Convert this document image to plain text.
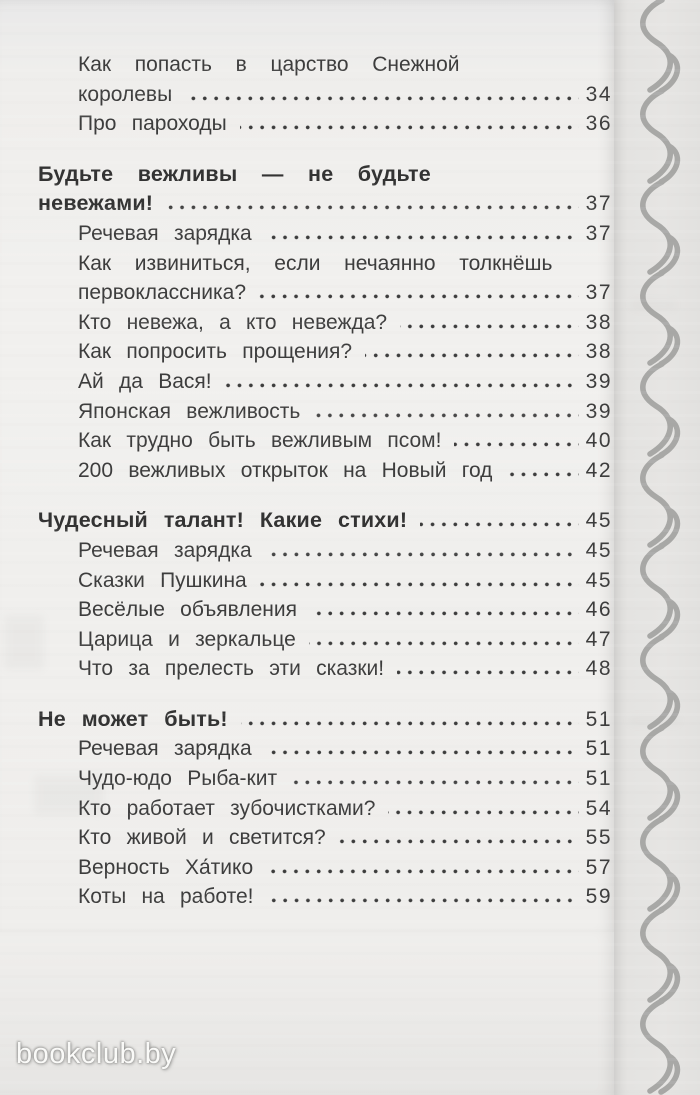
Как попасть в царство Снежной
королевы	34
Про пароходы	36
Будьте вежливы — не будьте
невежами!	37
Речевая зарядка	37
Как извиниться, если нечаянно толкнёшь
первоклассника?	37
Кто невежа, а кто невежда?	38
Как попросить прощения?	38
Ай да Вася!	39
Японская вежливость	39
Как трудно быть вежливым псом!	40
200 вежливых открыток на Новый год	42
Чудесный талант! Какие стихи!	45
Речевая зарядка	45
Сказки Пушкина	45
Весёлые объявления	46
Царица и зеркальце	47
Что за прелесть эти сказки!	48
Не может быть!	51
Речевая зарядка	51
Чудо-юдо Рыба-кит	51
Кто работает зубочистками?	54
Кто живой и светится?	55
Верность Ха́тико	57
Коты на работе!	59
bookclub.by
